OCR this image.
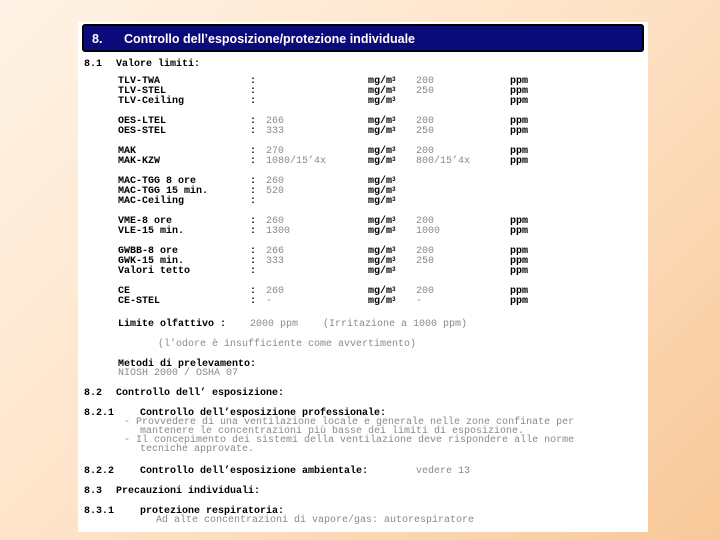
8. Controllo dell’esposizione/protezione individuale
8.1 Valore limiti:
TLV-TWA	:	$mg/m^3$ 200	ppm
TLV-STEL	:	$mg/m^3$ 250	ppm
TLV-Ceiling	:	$mg/m^3$	ppm
OES-LTEL	: 266	$mg/m^3$ 200	ppm
OES-STEL	: 333	$mg/m^3$ 250	ppm
MAK	: 270	$mg/m^3$ 200	ppm
MAK-KZW	: 1080/15’4x	$mg/m^3$ 800/15’4x	ppm
MAC-TGG 8 ore	: 260	$mg/m^3$
MAC-TGG 15 min.	: 520	$mg/m^3$
MAC-Ceiling	:	$mg/m^3$
VME-8 ore	: 260	$mg/m^3$ 200	ppm
VLE-15 min.	: 1300	$mg/m^3$ 1000	ppm
GWBB-8 ore	: 266	$mg/m^3$ 200	ppm
GWK-15 min.	: 333	$mg/m^3$ 250	ppm
Valori tetto	:	$mg/m^3$	ppm
CE	: 260	$mg/m^3$ 200	ppm
CE-STEL	: -	$mg/m^3$ -	ppm
Limite olfattivo : 2000 ppm (Irritazione a 1000 ppm)
(l’odore è insufficiente come avvertimento)
Metodi di prelevamento:
NIOSH 2000 / OSHA 07
8.2 Controllo dell’ esposizione:
8.2.1	Controllo dell’esposizione professionale:
- Provvedere di una ventilazione locale e generale nelle zone confinate per
mantenere le concentrazioni più basse dei limiti di esposizione.
- Il concepimento dei sistemi della ventilazione deve rispondere alle norme
tecniche approvate.
8.2.2	Controllo dell’esposizione ambientale:	vedere 13
8.3 Precauzioni individuali:
8.3.1	protezione respiratoria:
Ad alte concentrazioni di vapore/gas: autorespiratore
